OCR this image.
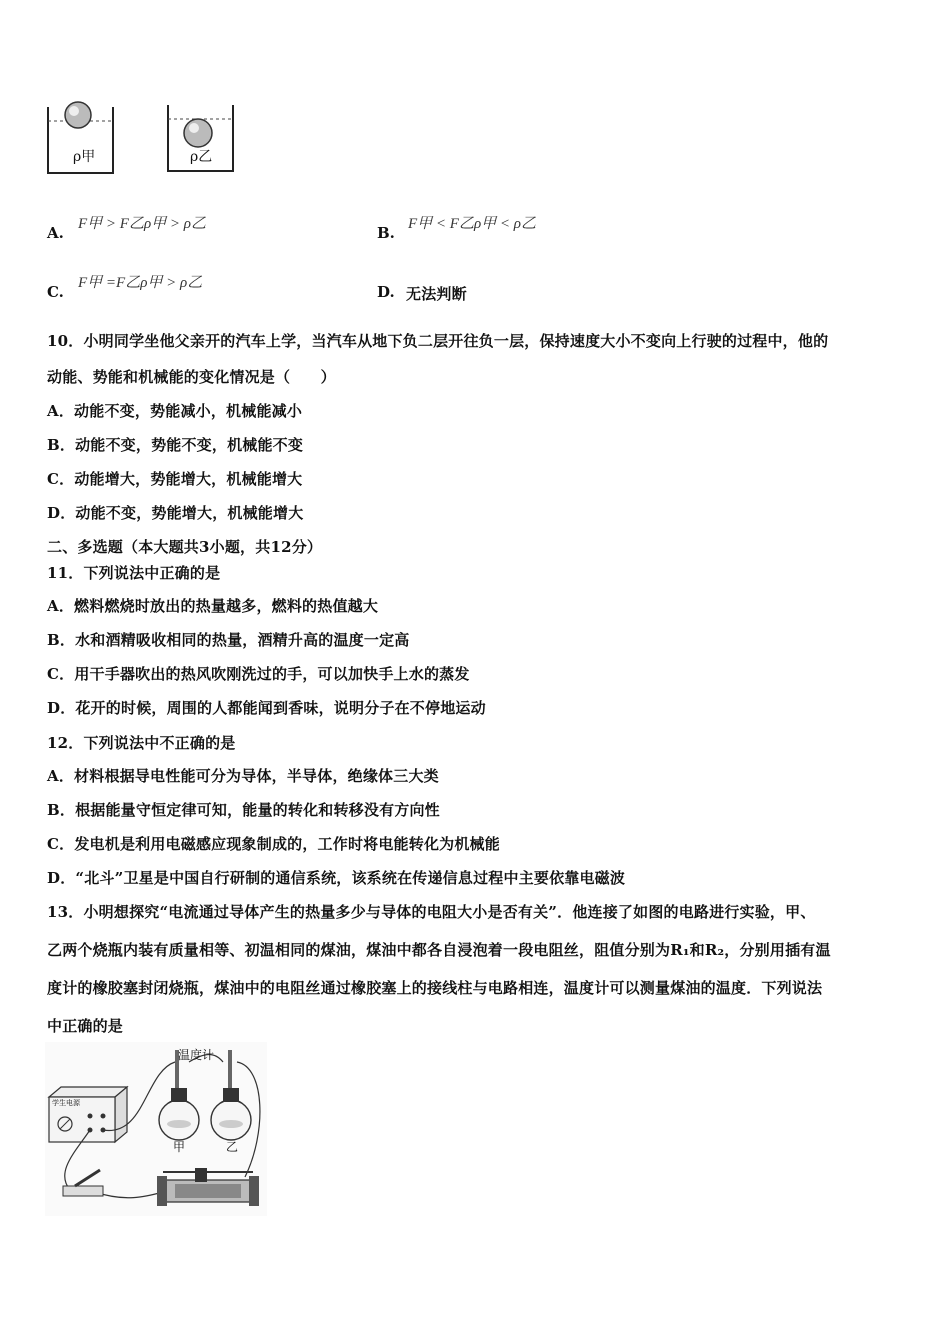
ρ甲	ρ乙
A. F甲 > F乙ρ甲 > ρ乙	B. F甲 < F乙ρ甲 < ρ乙
C. F甲 =F乙ρ甲 > ρ乙	D. 无法判断
10．小明同学坐他父亲开的汽车上学，当汽车从地下负二层开往负一层，保持速度大小不变向上行驶的过程中，他的
动能、势能和机械能的变化情况是（　　）
A．动能不变，势能减小，机械能减小
B．动能不变，势能不变，机械能不变
C．动能增大，势能增大，机械能增大
D．动能不变，势能增大，机械能增大
二、多选题（本大题共3小题，共12分）
11．下列说法中正确的是
A．燃料燃烧时放出的热量越多，燃料的热值越大
B．水和酒精吸收相同的热量，酒精升高的温度一定高
C．用干手器吹出的热风吹刚洗过的手，可以加快手上水的蒸发
D．花开的时候，周围的人都能闻到香味，说明分子在不停地运动
12．下列说法中不正确的是
A．材料根据导电性能可分为导体，半导体，绝缘体三大类
B．根据能量守恒定律可知，能量的转化和转移没有方向性
C．发电机是利用电磁感应现象制成的，工作时将电能转化为机械能
D．“北斗”卫星是中国自行研制的通信系统，该系统在传递信息过程中主要依靠电磁波
13．小明想探究“电流通过导体产生的热量多少与导体的电阻大小是否有关”．他连接了如图的电路进行实验，甲、
乙两个烧瓶内装有质量相等、初温相同的煤油，煤油中都各自浸泡着一段电阻丝，阻值分别为R₁和R₂，分别用插有温
度计的橡胶塞封闭烧瓶，煤油中的电阻丝通过橡胶塞上的接线柱与电路相连，温度计可以测量煤油的温度．下列说法
中正确的是
温度计
甲	乙
学生电源
